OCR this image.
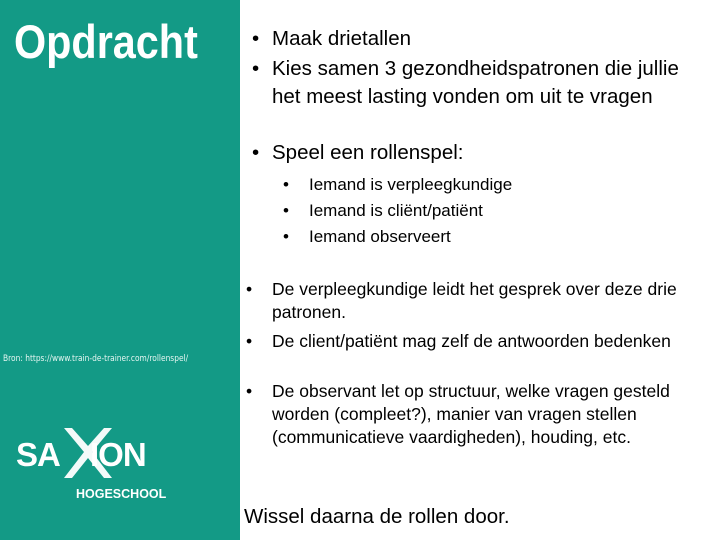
Opdracht
Bron: https://www.train-de-trainer.com/rollenspel/
SA ION
HOGESCHOOL
• Maak drietallen
• Kies samen 3 gezondheidspatronen die jullie het meest lasting vonden om uit te vragen
• Speel een rollenspel:
• Iemand is verpleegkundige
• Iemand is cliënt/patiënt
• Iemand observeert
• De verpleegkundige leidt het gesprek over deze drie patronen.
• De client/patiënt mag zelf de antwoorden bedenken
• De observant let op structuur, welke vragen gesteld worden (compleet?), manier van vragen stellen (communicatieve vaardigheden), houding, etc.
Wissel daarna de rollen door.
